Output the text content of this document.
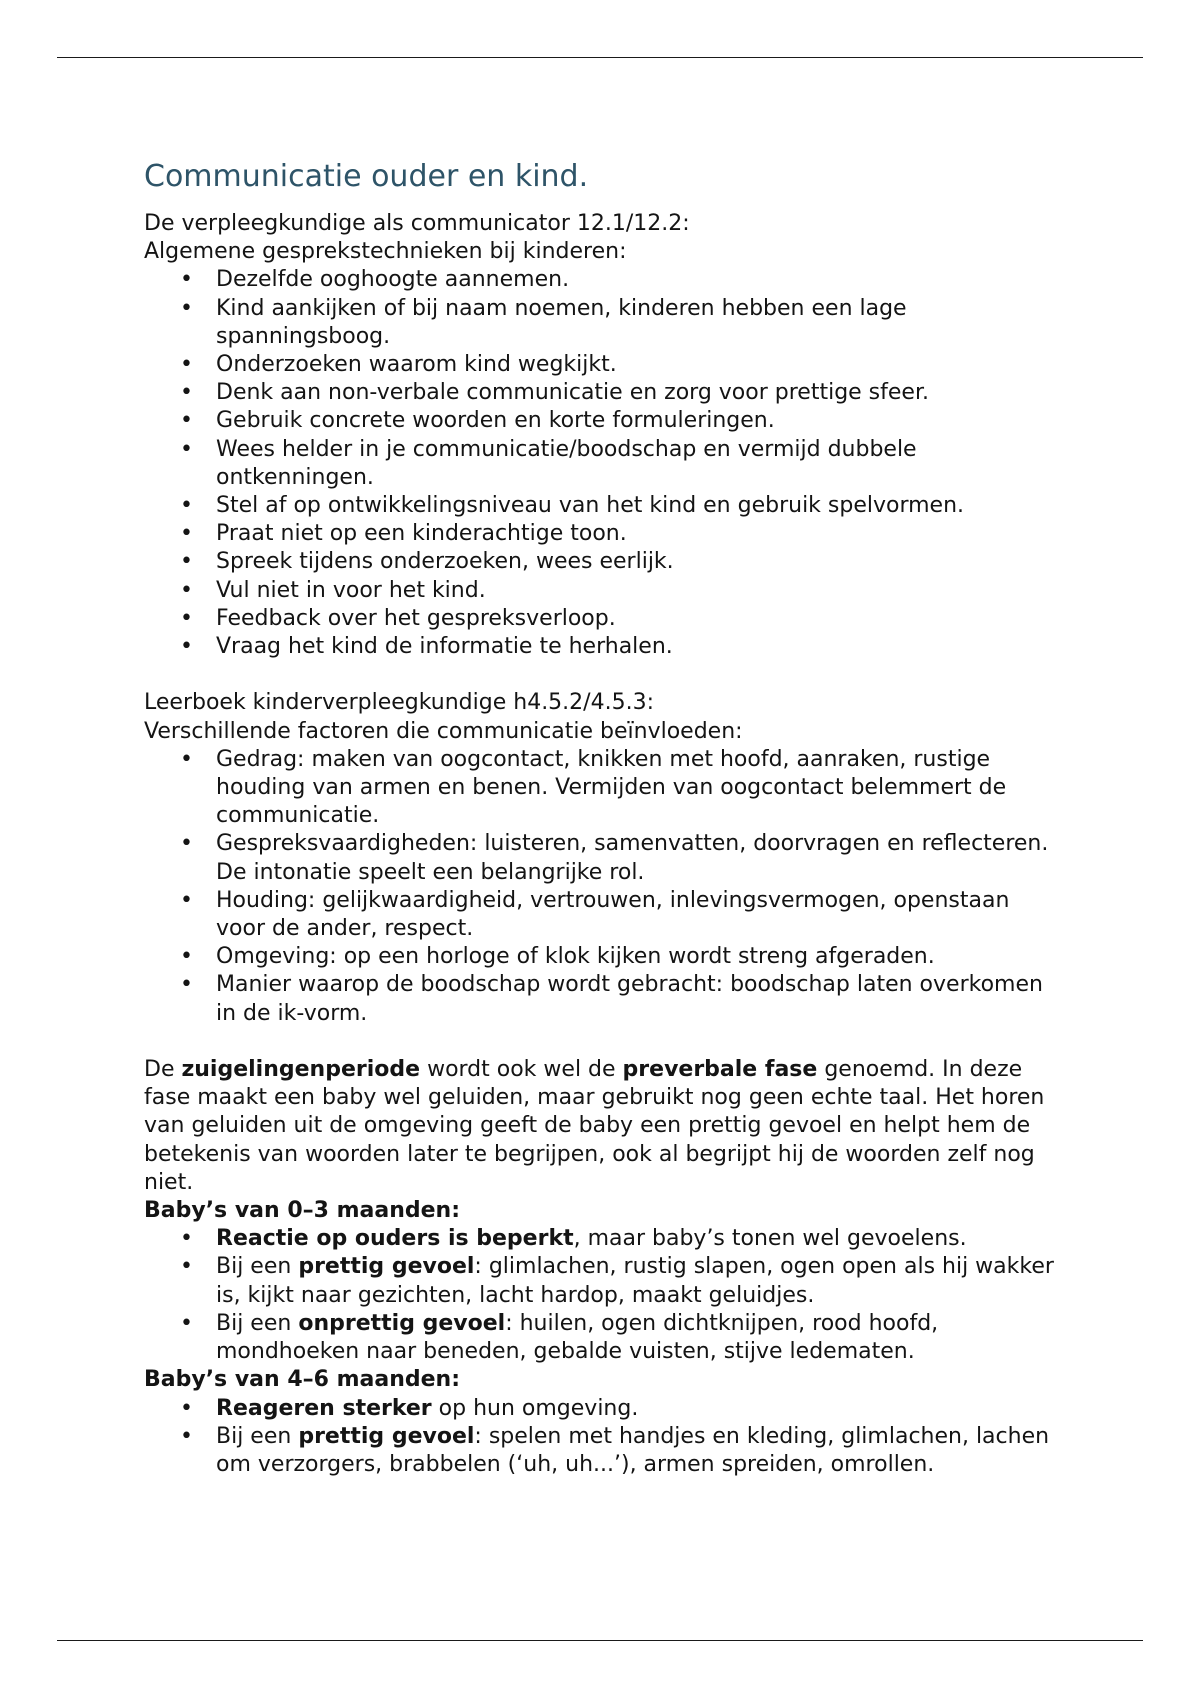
Communicatie ouder en kind.

De verpleegkundige als communicator 12.1/12.2:

Algemene gesprekstechnieken bij kinderen:

• Dezelfde ooghoogte aannemen.
• Kind aankijken of bij naam noemen, kinderen hebben een lage spanningsboog.
• Onderzoeken waarom kind wegkijkt.
• Denk aan non-verbale communicatie en zorg voor prettige sfeer.
• Gebruik concrete woorden en korte formuleringen.
• Wees helder in je communicatie/boodschap en vermijd dubbele ontkenningen.
• Stel af op ontwikkelingsniveau van het kind en gebruik spelvormen.
• Praat niet op een kinderachtige toon.
• Spreek tijdens onderzoeken, wees eerlijk.
• Vul niet in voor het kind.
• Feedback over het gespreksverloop.
• Vraag het kind de informatie te herhalen.

Leerboek kinderverpleegkundige h4.5.2/4.5.3:

Verschillende factoren die communicatie beïnvloeden:

• Gedrag: maken van oogcontact, knikken met hoofd, aanraken, rustige houding van armen en benen. Vermijden van oogcontact belemmert de communicatie.
• Gespreksvaardigheden: luisteren, samenvatten, doorvragen en reflecteren. De intonatie speelt een belangrijke rol.
• Houding: gelijkwaardigheid, vertrouwen, inlevingsvermogen, openstaan voor de ander, respect.
• Omgeving: op een horloge of klok kijken wordt streng afgeraden.
• Manier waarop de boodschap wordt gebracht: boodschap laten overkomen in de ik-vorm.

De zuigelingenperiode wordt ook wel de preverbale fase genoemd. In deze fase maakt een baby wel geluiden, maar gebruikt nog geen echte taal. Het horen van geluiden uit de omgeving geeft de baby een prettig gevoel en helpt hem de betekenis van woorden later te begrijpen, ook al begrijpt hij de woorden zelf nog niet.

Baby’s van 0–3 maanden:

• Reactie op ouders is beperkt, maar baby’s tonen wel gevoelens.
• Bij een prettig gevoel: glimlachen, rustig slapen, ogen open als hij wakker is, kijkt naar gezichten, lacht hardop, maakt geluidjes.
• Bij een onprettig gevoel: huilen, ogen dichtknijpen, rood hoofd, mondhoeken naar beneden, gebalde vuisten, stijve ledematen.

Baby’s van 4–6 maanden:

• Reageren sterker op hun omgeving.
• Bij een prettig gevoel: spelen met handjes en kleding, glimlachen, lachen om verzorgers, brabbelen (‘uh, uh...’), armen spreiden, omrollen.
